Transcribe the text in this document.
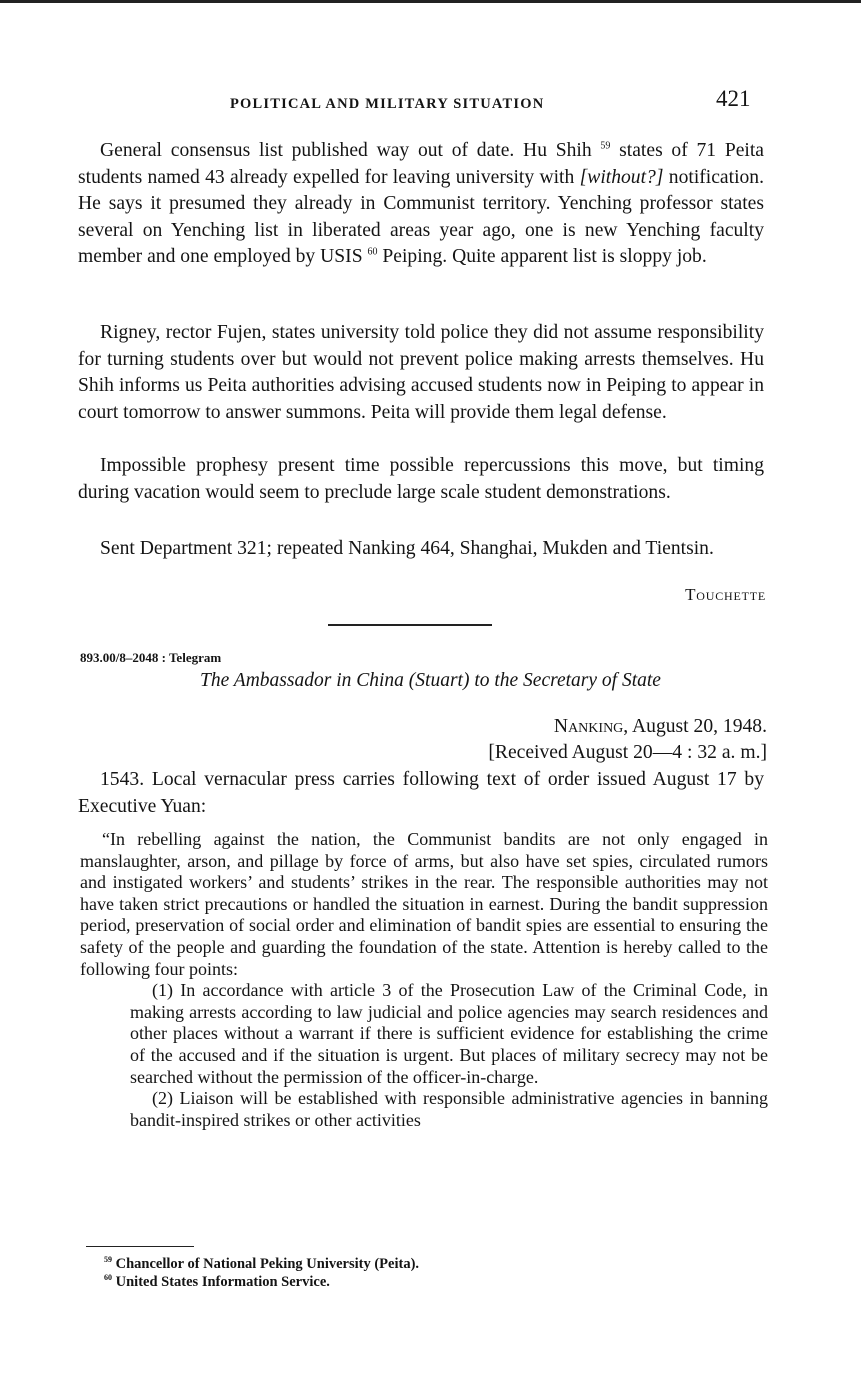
POLITICAL AND MILITARY SITUATION	421

General consensus list published way out of date. Hu Shih $^{59}$ states of 71 Peita students named 43 already expelled for leaving university with [without?] notification. He says it presumed they already in Communist territory. Yenching professor states several on Yenching list in liberated areas year ago, one is new Yenching faculty member and one employed by USIS $^{60}$ Peiping. Quite apparent list is sloppy job.

Rigney, rector Fujen, states university told police they did not assume responsibility for turning students over but would not prevent police making arrests themselves. Hu Shih informs us Peita authorities advising accused students now in Peiping to appear in court tomorrow to answer summons. Peita will provide them legal defense.

Impossible prophesy present time possible repercussions this move, but timing during vacation would seem to preclude large scale student demonstrations.

Sent Department 321; repeated Nanking 464, Shanghai, Mukden and Tientsin.

Touchette
893.00/8–2048 : Telegram
The Ambassador in China (Stuart) to the Secretary of State
Nanking, August 20, 1948.
[Received August 20—4 : 32 a. m.]

1543. Local vernacular press carries following text of order issued August 17 by Executive Yuan:

“In rebelling against the nation, the Communist bandits are not only engaged in manslaughter, arson, and pillage by force of arms, but also have set spies, circulated rumors and instigated workers’ and students’ strikes in the rear. The responsible authorities may not have taken strict precautions or handled the situation in earnest. During the bandit suppression period, preservation of social order and elimination of bandit spies are essential to ensuring the safety of the people and guarding the foundation of the state. Attention is hereby called to the following four points:

(1) In accordance with article 3 of the Prosecution Law of the Criminal Code, in making arrests according to law judicial and police agencies may search residences and other places without a warrant if there is sufficient evidence for establishing the crime of the accused and if the situation is urgent. But places of military secrecy may not be searched without the permission of the officer-in-charge.

(2) Liaison will be established with responsible administrative agencies in banning bandit-inspired strikes or other activities

$^{59}$ Chancellor of National Peking University (Peita).
$^{60}$ United States Information Service.
